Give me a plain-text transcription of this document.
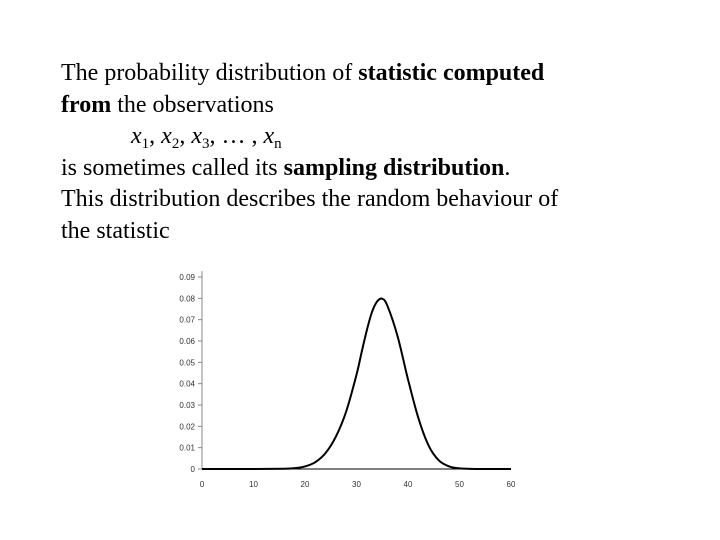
The probability distribution of statistic computed
from the observations
$x_1$, $x_2$, $x_3$, … , $x_n$
is sometimes called its sampling distribution.
This distribution describes the random behaviour of
the statistic
0
0.01
0.02
0.03
0.04
0.05
0.06
0.07
0.08
0.09
0	10	20	30	40	50	60
